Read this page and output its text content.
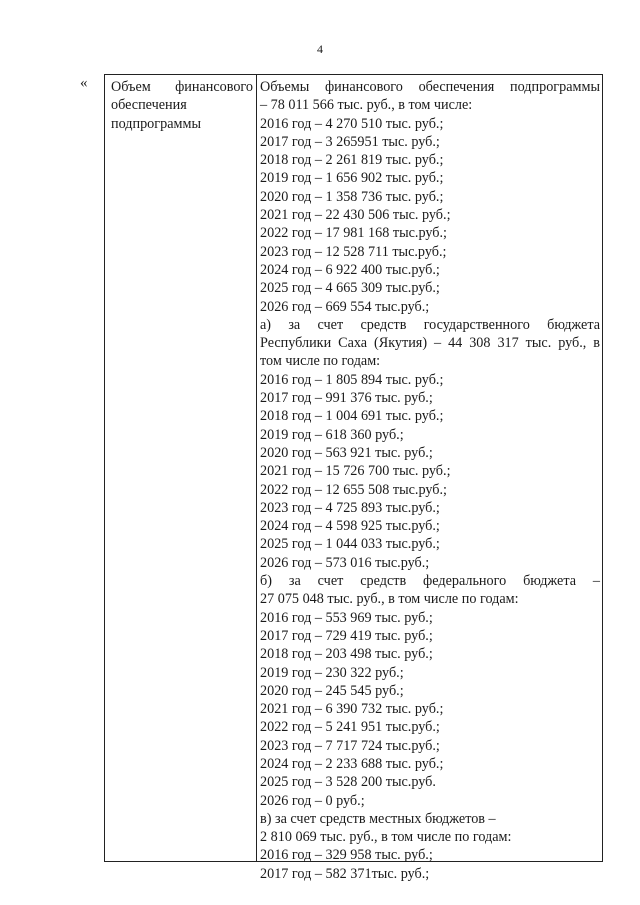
4
« Объем финансового
обеспечения
подпрограммы
Объемы финансового обеспечения подпрограммы
– 78 011 566 тыс. руб., в том числе:
2016 год – 4 270 510 тыс. руб.;
2017 год – 3 265951 тыс. руб.;
2018 год – 2 261 819 тыс. руб.;
2019 год – 1 656 902 тыс. руб.;
2020 год – 1 358 736 тыс. руб.;
2021 год – 22 430 506 тыс. руб.;
2022 год – 17 981 168 тыс.руб.;
2023 год – 12 528 711 тыс.руб.;
2024 год – 6 922 400 тыс.руб.;
2025 год – 4 665 309 тыс.руб.;
2026 год – 669 554 тыс.руб.;
а) за счет средств государственного бюджета
Республики Саха (Якутия) – 44 308 317 тыс. руб., в
том числе по годам:
2016 год – 1 805 894 тыс. руб.;
2017 год – 991 376 тыс. руб.;
2018 год – 1 004 691 тыс. руб.;
2019 год – 618 360 руб.;
2020 год – 563 921 тыс. руб.;
2021 год – 15 726 700 тыс. руб.;
2022 год – 12 655 508 тыс.руб.;
2023 год – 4 725 893 тыс.руб.;
2024 год – 4 598 925 тыс.руб.;
2025 год – 1 044 033 тыс.руб.;
2026 год – 573 016 тыс.руб.;
б) за счет средств федерального бюджета –
27 075 048 тыс. руб., в том числе по годам:
2016 год – 553 969 тыс. руб.;
2017 год – 729 419 тыс. руб.;
2018 год – 203 498 тыс. руб.;
2019 год – 230 322 руб.;
2020 год – 245 545 руб.;
2021 год – 6 390 732 тыс. руб.;
2022 год – 5 241 951 тыс.руб.;
2023 год – 7 717 724 тыс.руб.;
2024 год – 2 233 688 тыс. руб.;
2025 год – 3 528 200 тыс.руб.
2026 год – 0 руб.;
в) за счет средств местных бюджетов –
2 810 069 тыс. руб., в том числе по годам:
2016 год – 329 958 тыс. руб.;
2017 год – 582 371тыс. руб.;
